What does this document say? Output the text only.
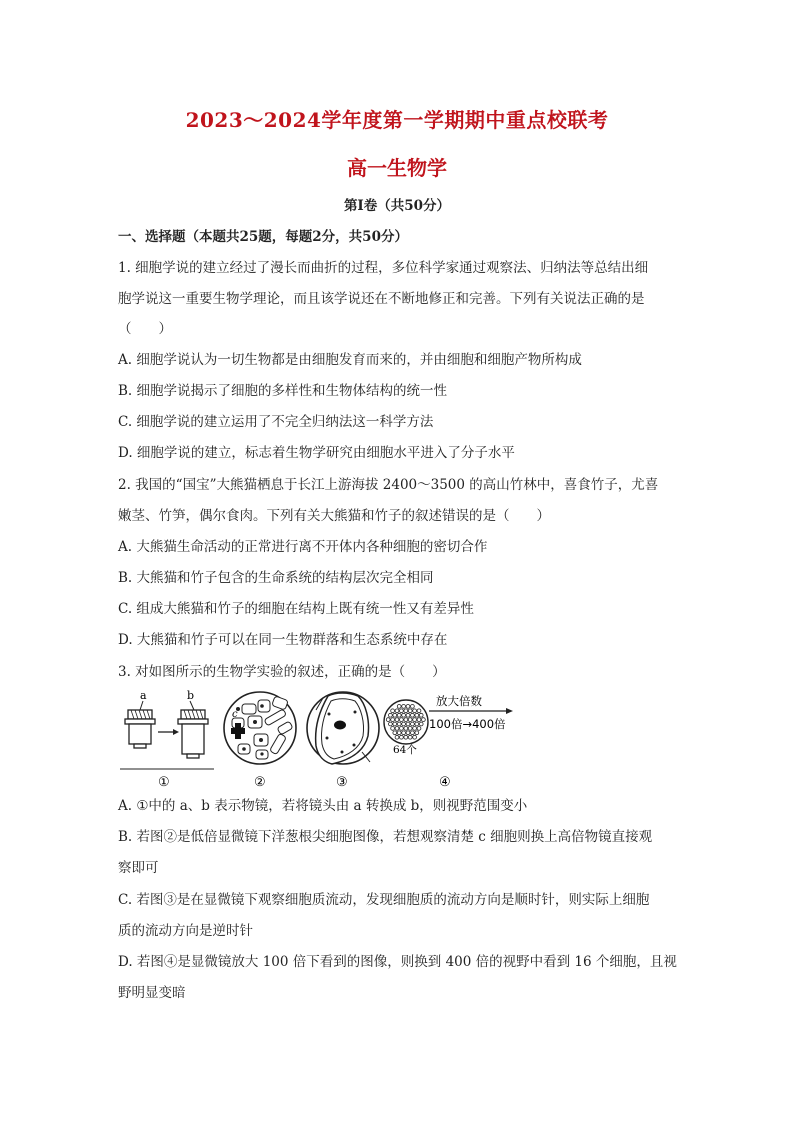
2023～2024学年度第一学期期中重点校联考
高一生物学
第Ⅰ卷（共50分）
一、选择题（本题共25题，每题2分，共50分）
1. 细胞学说的建立经过了漫长而曲折的过程，多位科学家通过观察法、归纳法等总结出细
胞学说这一重要生物学理论，而且该学说还在不断地修正和完善。下列有关说法正确的是
（　　）
A. 细胞学说认为一切生物都是由细胞发育而来的，并由细胞和细胞产物所构成
B. 细胞学说揭示了细胞的多样性和生物体结构的统一性
C. 细胞学说的建立运用了不完全归纳法这一科学方法
D. 细胞学说的建立，标志着生物学研究由细胞水平进入了分子水平
2. 我国的“国宝”大熊猫栖息于长江上游海拔 2400～3500 的高山竹林中，喜食竹子，尤喜
嫩茎、竹笋，偶尔食肉。下列有关大熊猫和竹子的叙述错误的是（　　）
A. 大熊猫生命活动的正常进行离不开体内各种细胞的密切合作
B. 大熊猫和竹子包含的生命系统的结构层次完全相同
C. 组成大熊猫和竹子的细胞在结构上既有统一性又有差异性
D. 大熊猫和竹子可以在同一生物群落和生态系统中存在
3. 对如图所示的生物学实验的叙述，正确的是（　　）
a	b
①
c
②	③
64个
放大倍数
100倍→400倍
④
A. ①中的 a、b 表示物镜，若将镜头由 a 转换成 b，则视野范围变小
B. 若图②是低倍显微镜下洋葱根尖细胞图像，若想观察清楚 c 细胞则换上高倍物镜直接观
察即可
C. 若图③是在显微镜下观察细胞质流动，发现细胞质的流动方向是顺时针，则实际上细胞
质的流动方向是逆时针
D. 若图④是显微镜放大 100 倍下看到的图像，则换到 400 倍的视野中看到 16 个细胞，且视
野明显变暗
